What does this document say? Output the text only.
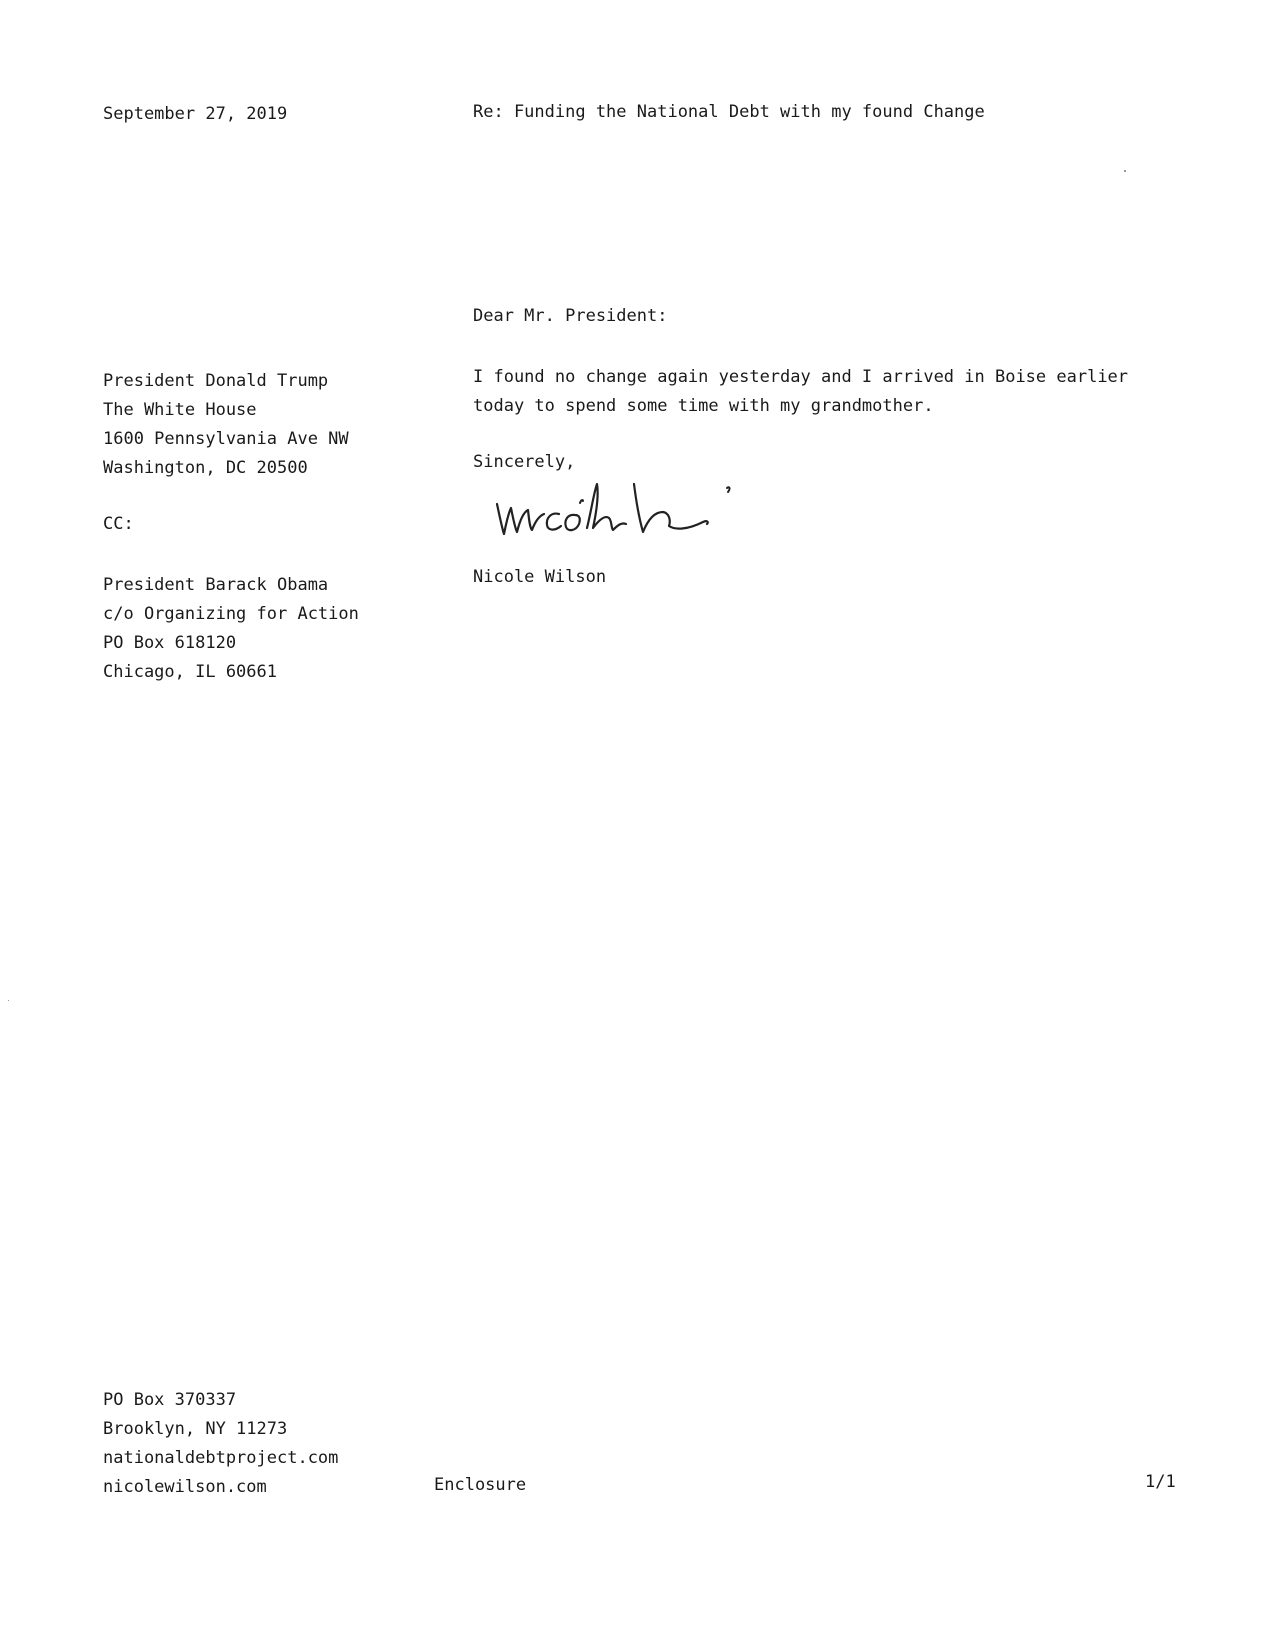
September 27, 2019	Re: Funding the National Debt with my found Change
Dear Mr. President:
President Donald Trump
The White House
1600 Pennsylvania Ave NW
Washington, DC 20500
CC:
President Barack Obama
c/o Organizing for Action
PO Box 618120
Chicago, IL 60661
I found no change again yesterday and I arrived in Boise earlier
today to spend some time with my grandmother.
Sincerely,
Nicole Wilson
PO Box 370337
Brooklyn, NY 11273
nationaldebtproject.com
nicolewilson.com	Enclosure	1/1
